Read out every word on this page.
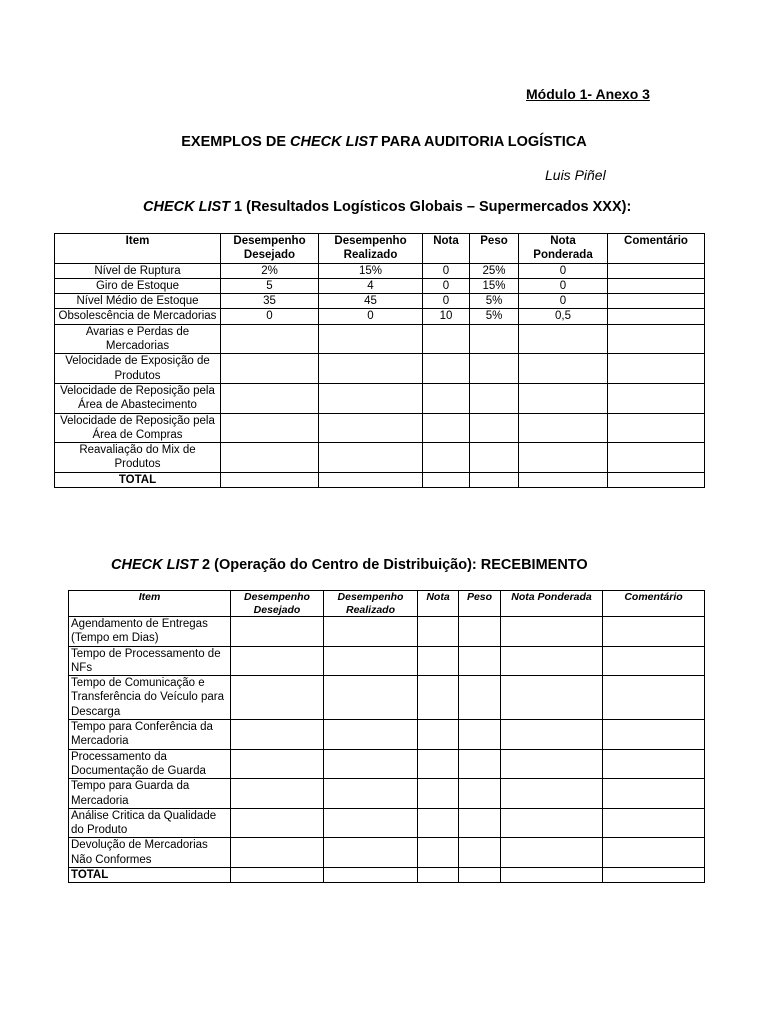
Módulo 1- Anexo 3
EXEMPLOS DE CHECK LIST PARA AUDITORIA LOGÍSTICA
Luis Piñel
CHECK LIST 1 (Resultados Logísticos Globais – Supermercados XXX):
Item	Desempenho Desejado	Desempenho Realizado	Nota	Peso	Nota Ponderada	Comentário
Nível de Ruptura	2%	15%	0	25%	0	
Giro de Estoque	5	4	0	15%	0	
Nível Médio de Estoque	35	45	0	5%	0	
Obsolescência de Mercadorias	0	0	10	5%	0,5	
Avarias e Perdas de Mercadorias						
Velocidade de Exposição de Produtos						
Velocidade de Reposição pela Área de Abastecimento						
Velocidade de Reposição pela Área de Compras						
Reavaliação do Mix de Produtos						
TOTAL						
CHECK LIST 2 (Operação do Centro de Distribuição): RECEBIMENTO
Item	Desempenho Desejado	Desempenho Realizado	Nota	Peso	Nota Ponderada	Comentário
Agendamento de Entregas (Tempo em Dias)						
Tempo de Processamento de NFs						
Tempo de Comunicação e Transferência do Veículo para Descarga						
Tempo para Conferência da Mercadoria						
Processamento da Documentação de Guarda						
Tempo para Guarda da Mercadoria						
Análise Critica da Qualidade do Produto						
Devolução de Mercadorias Não Conformes						
TOTAL						
